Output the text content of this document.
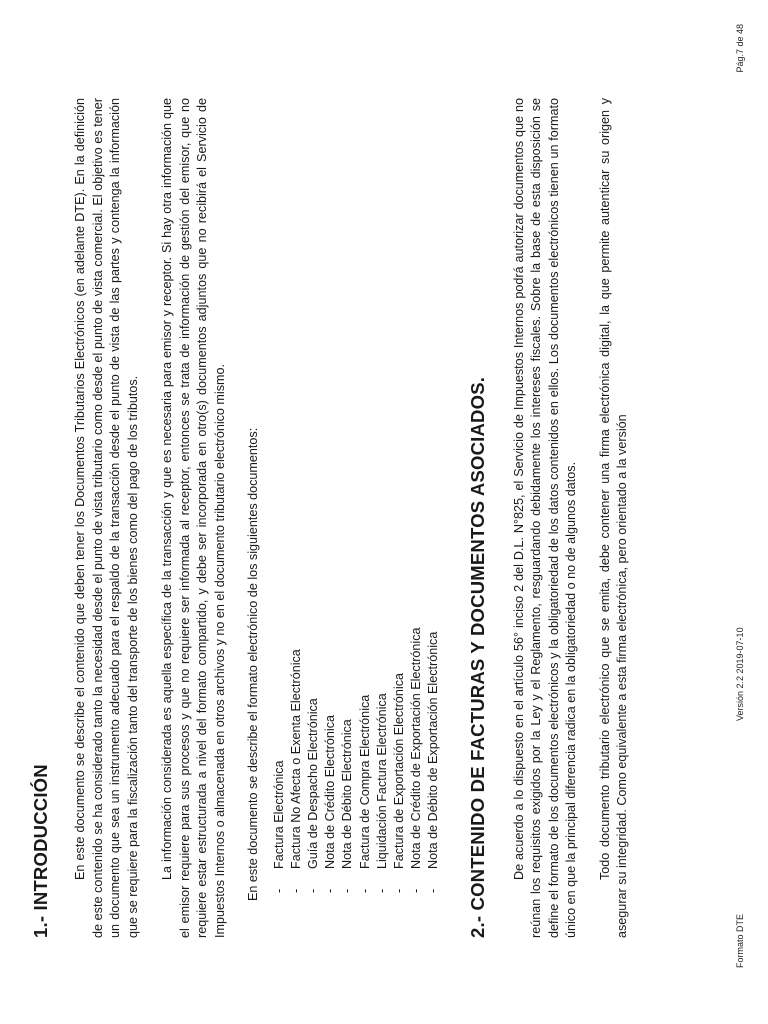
1.- INTRODUCCIÓN En este documento se describe el contenido que deben tener los Documentos Tributarios Electrónicos (en adelante DTE). En la definición de este contenido se ha considerado tanto la necesidad desde el punto de vista tributario como desde el punto de vista comercial. El objetivo es tener un documento que sea un instrumento adecuado para el respaldo de la transacción desde el punto de vista de las partes y contenga la información que se requiere para la fiscalización tanto del transporte de los bienes como del pago de los tributos. La información considerada es aquella específica de la transacción y que es necesaria para emisor y receptor. Si hay otra información que el emisor requiere para sus procesos y que no requiere ser informada al receptor, entonces se trata de información de gestión del emisor, que no requiere estar estructurada a nivel del formato compartido, y debe ser incorporada en otro(s) documentos adjuntos que no recibirá el Servicio de Impuestos Internos o almacenada en otros archivos y no en el documento tributario electrónico mismo. En este documento se describe el formato electrónico de los siguientes documentos: -
Factura Electrónica
-
Factura No Afecta o Exenta Electrónica
-
Guía de Despacho Electrónica
-
Nota de Crédito Electrónica
-
Nota de Débito Electrónica
-
Factura de Compra Electrónica
-
Liquidación Factura Electrónica
-
Factura de Exportación Electrónica
-
Nota de Crédito de Exportación Electrónica
-
Nota de Débito de Exportación Electrónica 2.- CONTENIDO DE FACTURAS Y DOCUMENTOS ASOCIADOS. De acuerdo a lo dispuesto en el artículo 56° inciso 2 del D.L. N°825, el Servicio de Impuestos Internos podrá autorizar documentos que no reúnan los requisitos exigidos por la Ley y el Reglamento, resguardando debidamente los intereses fiscales. Sobre la base de esta disposición se define el formato de los documentos electrónicos y la obligatoriedad de los datos contenidos en ellos. Los documentos electrónicos tienen un formato único en que la principal diferencia radica en la obligatoriedad o no de algunos datos. Todo documento tributario electrónico que se emita, debe contener una firma electrónica digital, la que permite autenticar su origen y asegurar su integridad. Como equivalente a esta firma electrónica, pero orientado a la versión

Formato DTE
Versión 2.2 2019-07-10
Pág.7 de 48
